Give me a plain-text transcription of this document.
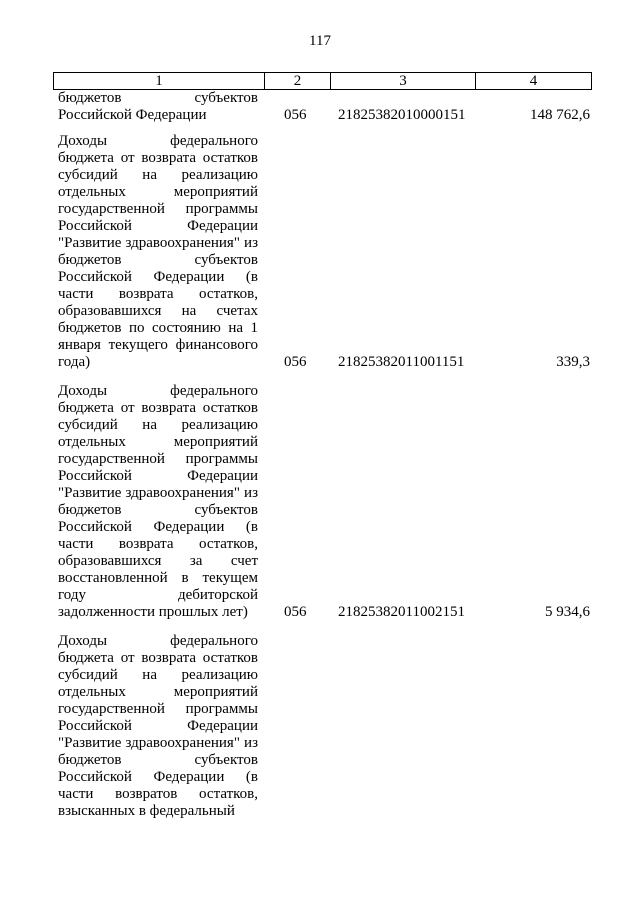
117
1	2	3	4
бюджетов субъектов
Российской Федерации	056	21825382010000151	148 762,6
Доходы федерального
бюджета от возврата остатков
субсидий на реализацию
отдельных мероприятий
государственной программы
Российской Федерации
"Развитие здравоохранения" из
бюджетов субъектов
Российской Федерации (в
части возврата остатков,
образовавшихся на счетах
бюджетов по состоянию на 1
января текущего финансового
года)	056	21825382011001151	339,3
Доходы федерального
бюджета от возврата остатков
субсидий на реализацию
отдельных мероприятий
государственной программы
Российской Федерации
"Развитие здравоохранения" из
бюджетов субъектов
Российской Федерации (в
части возврата остатков,
образовавшихся за счет
восстановленной в текущем
году дебиторской
задолженности прошлых лет)	056	21825382011002151	5 934,6
Доходы федерального
бюджета от возврата остатков
субсидий на реализацию
отдельных мероприятий
государственной программы
Российской Федерации
"Развитие здравоохранения" из
бюджетов субъектов
Российской Федерации (в
части возвратов остатков,
взысканных в федеральный
